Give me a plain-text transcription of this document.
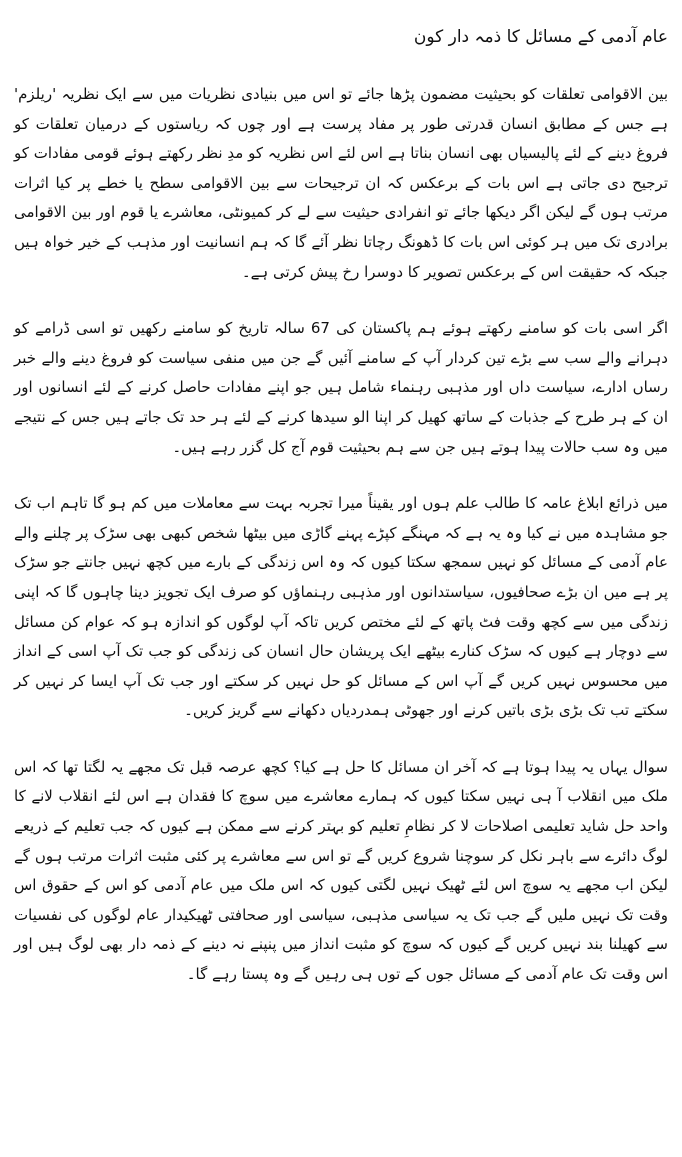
عام آدمی کے مسائل کا ذمہ دار کون

بین الاقوامی تعلقات کو بحیثیت مضمون پڑھا جائے تو اس میں بنیادی نظریات میں سے ایک نظریہ 'ریلزم' ہے جس کے مطابق انسان قدرتی طور پر مفاد پرست ہے اور چوں کہ ریاستوں کے درمیان تعلقات کو فروغ دینے کے لئے پالیسیاں بھی انسان بناتا ہے اس لئے اس نظریہ کو مدِ نظر رکھتے ہوئے قومی مفادات کو ترجیح دی جاتی ہے اس بات کے برعکس کہ ان ترجیحات سے بین الاقوامی سطح یا خطے پر کیا اثرات مرتب ہوں گے لیکن اگر دیکھا جائے تو انفرادی حیثیت سے لے کر کمیونٹی، معاشرے یا قوم اور بین الاقوامی برادری تک میں ہر کوئی اس بات کا ڈھونگ رچاتا نظر آئے گا کہ ہم انسانیت اور مذہب کے خیر خواہ ہیں جبکہ کہ حقیقت اس کے برعکس تصویر کا دوسرا رخ پیش کرتی ہے۔

اگر اسی بات کو سامنے رکھتے ہوئے ہم پاکستان کی 67 سالہ تاریخ کو سامنے رکھیں تو اسی ڈرامے کو دہرانے والے سب سے بڑے تین کردار آپ کے سامنے آئیں گے جن میں منفی سیاست کو فروغ دینے والے خبر رساں ادارے، سیاست داں اور مذہبی رہنماء شامل ہیں جو اپنے مفادات حاصل کرنے کے لئے انسانوں اور ان کے ہر طرح کے جذبات کے ساتھ کھیل کر اپنا الو سیدھا کرنے کے لئے ہر حد تک جاتے ہیں جس کے نتیجے میں وہ سب حالات پیدا ہوتے ہیں جن سے ہم بحیثیت قوم آج کل گزر رہے ہیں۔

میں ذرائع ابلاغ عامہ کا طالب علم ہوں اور یقیناً میرا تجربہ بہت سے معاملات میں کم ہو گا تاہم اب تک جو مشاہدہ میں نے کیا وہ یہ ہے کہ مہنگے کپڑے پہنے گاڑی میں بیٹھا شخص کبھی بھی سڑک پر چلنے والے عام آدمی کے مسائل کو نہیں سمجھ سکتا کیوں کہ وہ اس زندگی کے بارے میں کچھ نہیں جانتے جو سڑک پر ہے میں ان بڑے صحافیوں، سیاستدانوں اور مذہبی رہنماؤں کو صرف ایک تجویز دینا چاہوں گا کہ اپنی زندگی میں سے کچھ وقت فٹ پاتھ کے لئے مختص کریں تاکہ آپ لوگوں کو اندازہ ہو کہ عوام کن مسائل سے دوچار ہے کیوں کہ سڑک کنارے بیٹھے ایک پریشان حال انسان کی زندگی کو جب تک آپ اسی کے انداز میں محسوس نہیں کریں گے آپ اس کے مسائل کو حل نہیں کر سکتے اور جب تک آپ ایسا کر نہیں کر سکتے تب تک بڑی بڑی باتیں کرنے اور جھوٹی ہمدردیاں دکھانے سے گریز کریں۔

سوال یہاں یہ پیدا ہوتا ہے کہ آخر ان مسائل کا حل ہے کیا؟ کچھ عرصہ قبل تک مجھے یہ لگتا تھا کہ اس ملک میں انقلاب آ ہی نہیں سکتا کیوں کہ ہمارے معاشرے میں سوچ کا فقدان ہے اس لئے انقلاب لانے کا واحد حل شاید تعلیمی اصلاحات لا کر نظامِ تعلیم کو بہتر کرنے سے ممکن ہے کیوں کہ جب تعلیم کے ذریعے لوگ دائرے سے باہر نکل کر سوچنا شروع کریں گے تو اس سے معاشرے پر کئی مثبت اثرات مرتب ہوں گے لیکن اب مجھے یہ سوچ اس لئے ٹھیک نہیں لگتی کیوں کہ اس ملک میں عام آدمی کو اس کے حقوق اس وقت تک نہیں ملیں گے جب تک یہ سیاسی مذہبی، سیاسی اور صحافتی ٹھیکیدار عام لوگوں کی نفسیات سے کھیلنا بند نہیں کریں گے کیوں کہ سوچ کو مثبت انداز میں پنپنے نہ دینے کے ذمہ دار بھی لوگ ہیں اور اس وقت تک عام آدمی کے مسائل جوں کے توں ہی رہیں گے وہ پستا رہے گا۔
